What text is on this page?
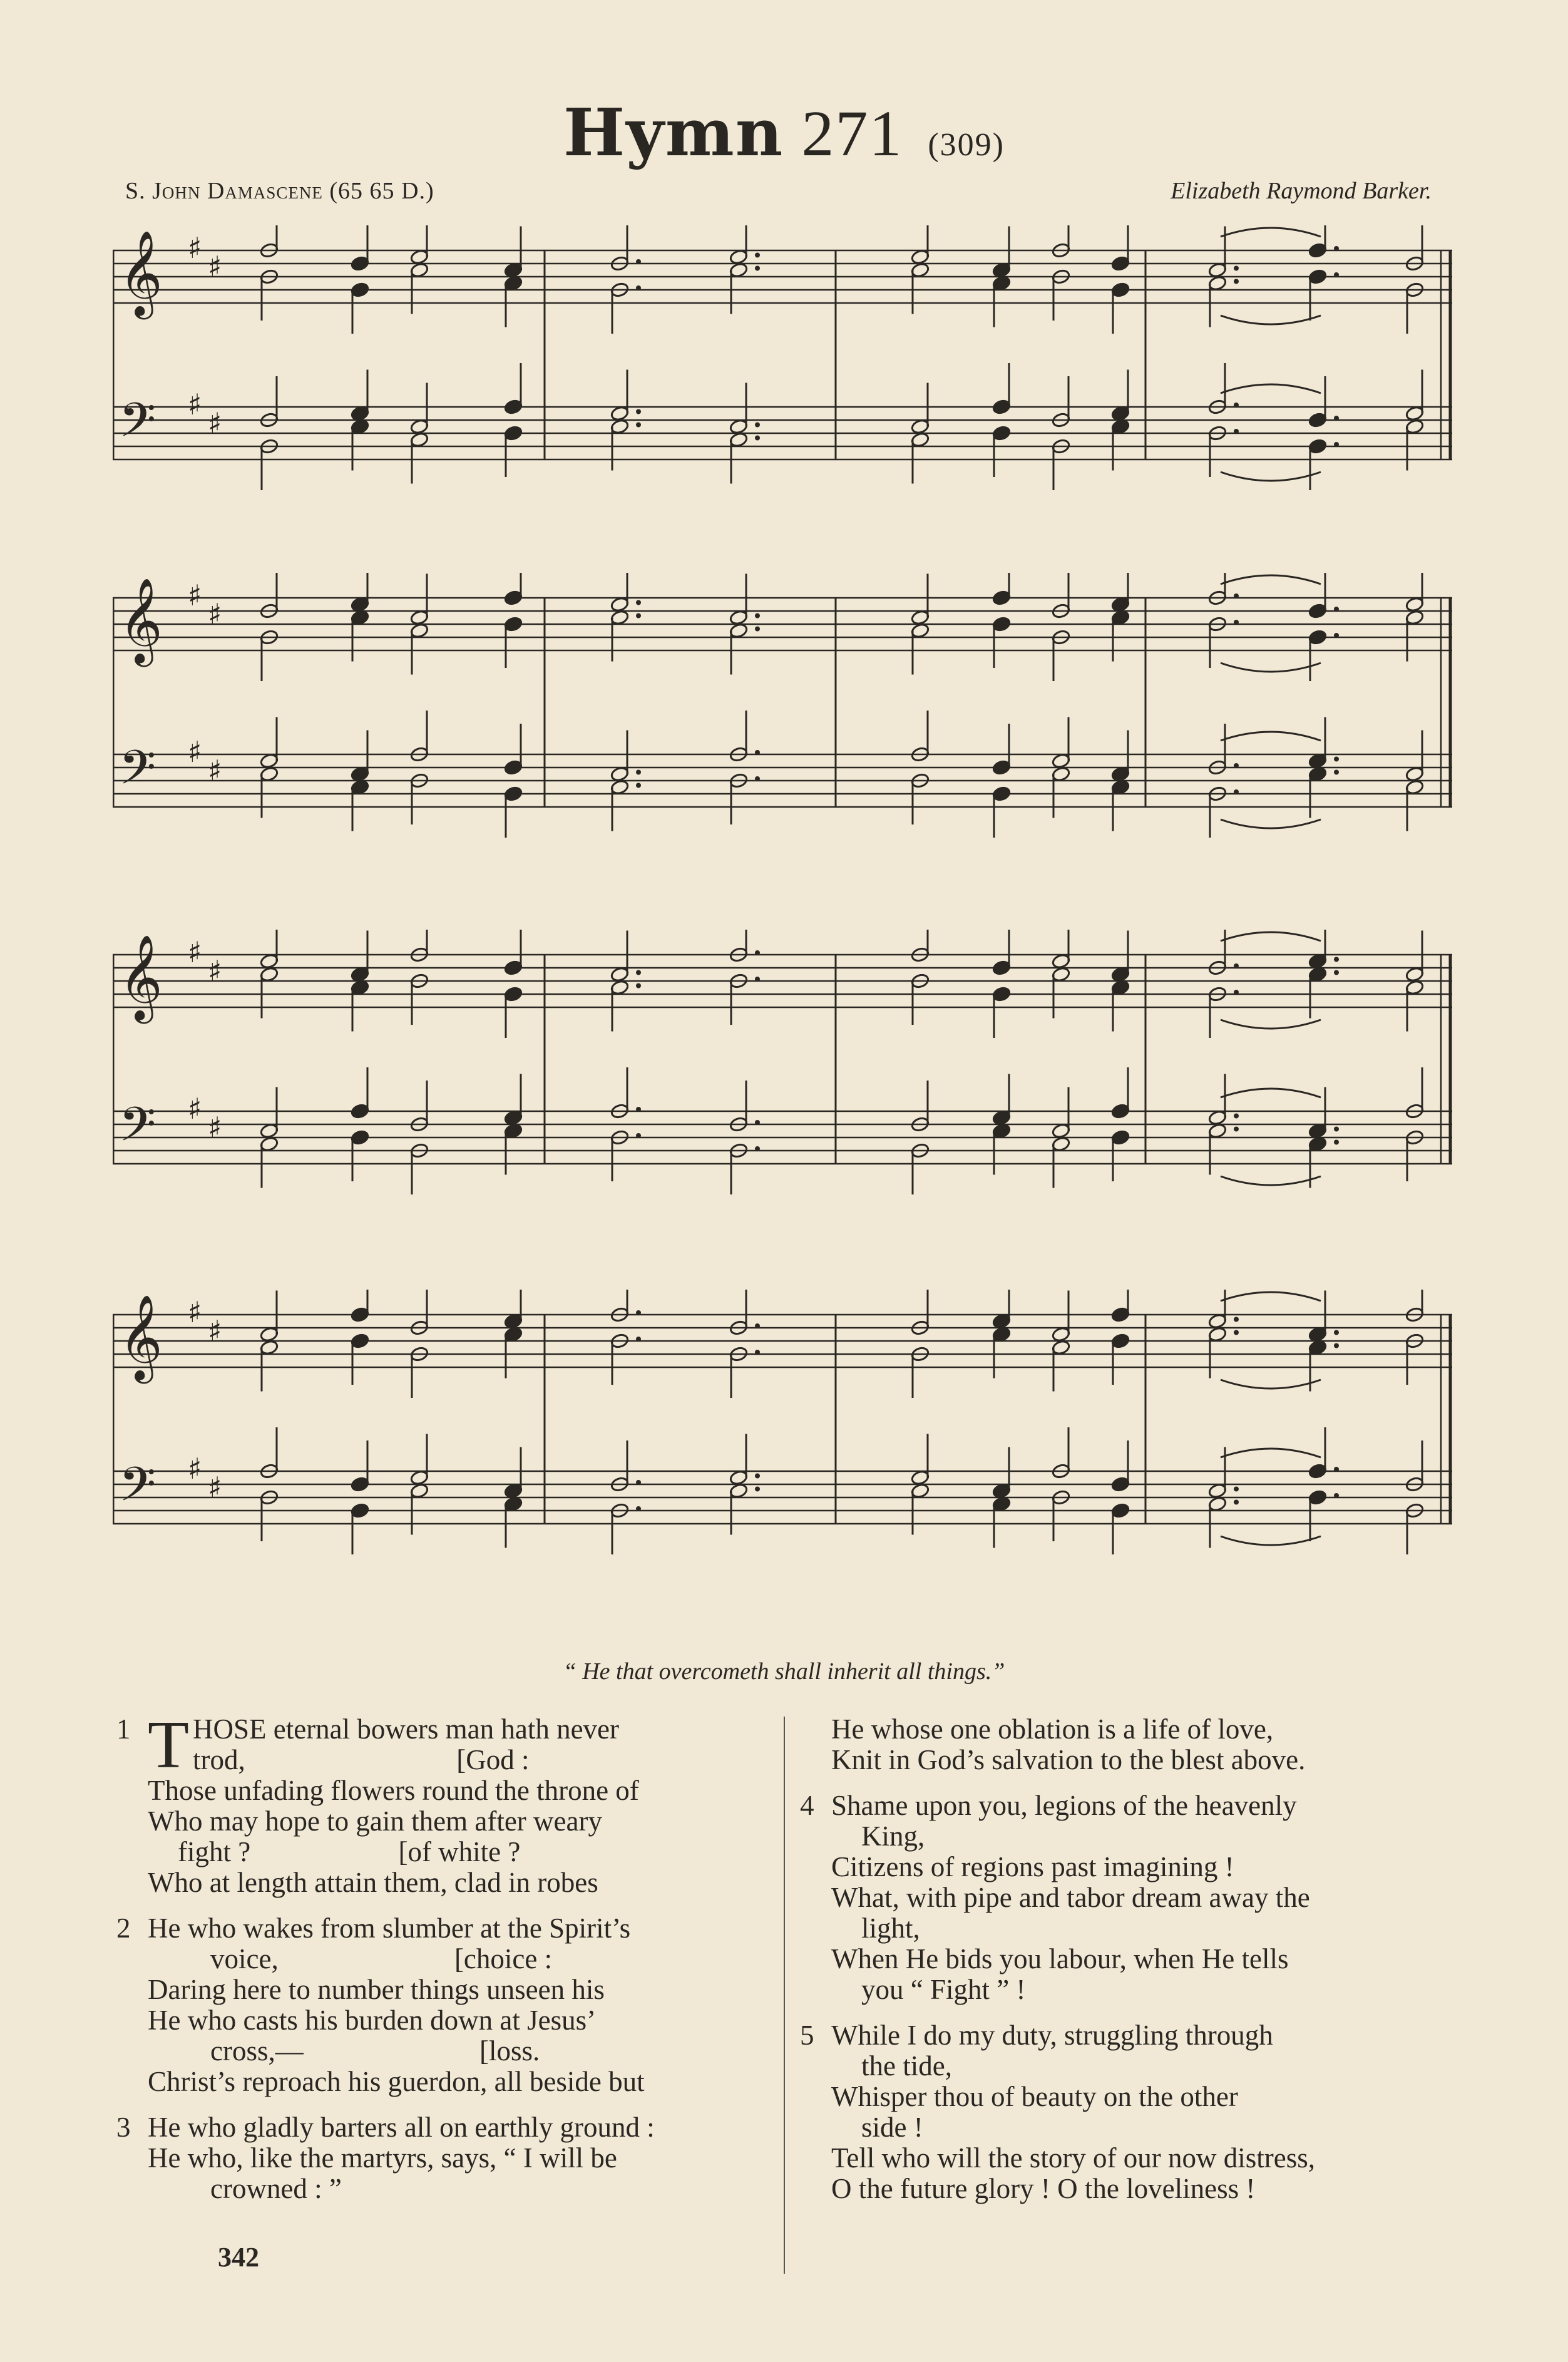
Hymn 271 (309)
S. John Damascene (65 65 D.)	Elizabeth Raymond Barker.
♯
♯
𝄞
♯
♯
𝄢
♯
♯
𝄞
♯
♯
𝄢
♯
♯
𝄞
♯
♯
𝄢
♯
♯
𝄞
♯
♯
𝄢
“ He that overcometh shall inherit all things.”
1 T HOSE eternal bowers man hath never
trod,                              [God :
Those unfading flowers round the throne of
Who may hope to gain them after weary
fight ?                     [of white ?
Who at length attain them, clad in robes
2 He who wakes from slumber at the Spirit’s
voice,                         [choice :
Daring here to number things unseen his
He who casts his burden down at Jesus’
cross,—                         [loss.
Christ’s reproach his guerdon, all beside but
3 He who gladly barters all on earthly ground :
He who, like the martyrs, says, “ I will be
crowned : ”
He whose one oblation is a life of love,
Knit in God’s salvation to the blest above.
4 Shame upon you, legions of the heavenly
King,
Citizens of regions past imagining !
What, with pipe and tabor dream away the
light,
When He bids you labour, when He tells
you “ Fight ” !
5 While I do my duty, struggling through
the tide,
Whisper thou of beauty on the other
side !
Tell who will the story of our now distress,
O the future glory ! O the loveliness !
342
